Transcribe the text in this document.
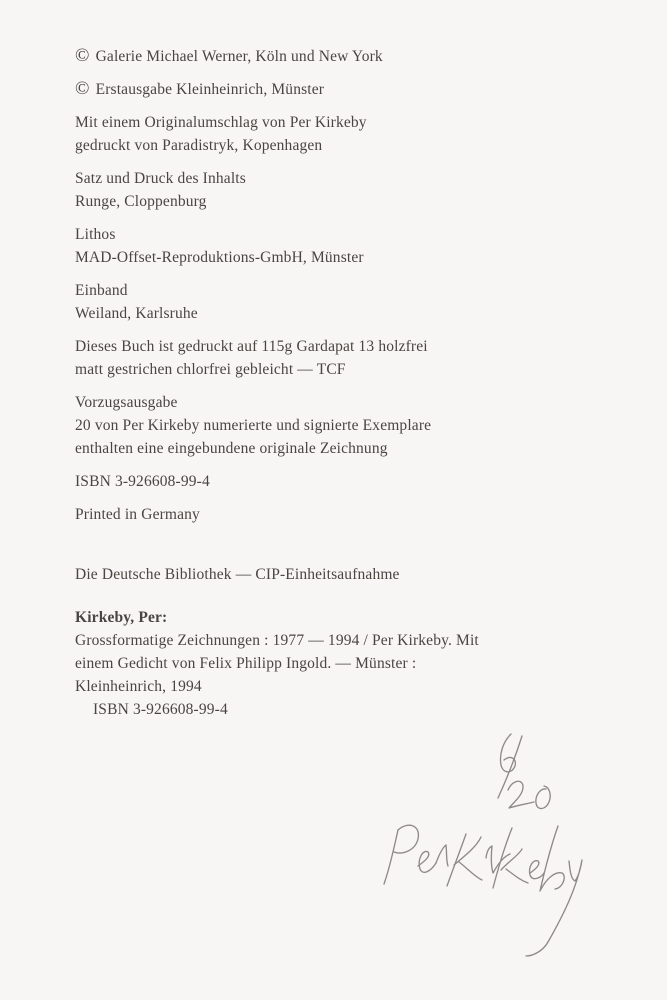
© Galerie Michael Werner, Köln und New York
© Erstausgabe Kleinheinrich, Münster
Mit einem Originalumschlag von Per Kirkeby
gedruckt von Paradistryk, Kopenhagen
Satz und Druck des Inhalts
Runge, Cloppenburg
Lithos
MAD-Offset-Reproduktions-GmbH, Münster
Einband
Weiland, Karlsruhe
Dieses Buch ist gedruckt auf 115g Gardapat 13 holzfrei
matt gestrichen chlorfrei gebleicht — TCF
Vorzugsausgabe
20 von Per Kirkeby numerierte und signierte Exemplare
enthalten eine eingebundene originale Zeichnung
ISBN 3-926608-99-4
Printed in Germany
Die Deutsche Bibliothek — CIP-Einheitsaufnahme
Kirkeby, Per:
Grossformatige Zeichnungen : 1977 — 1994 / Per Kirkeby. Mit
einem Gedicht von Felix Philipp Ingold. — Münster :
Kleinheinrich, 1994
ISBN 3-926608-99-4
